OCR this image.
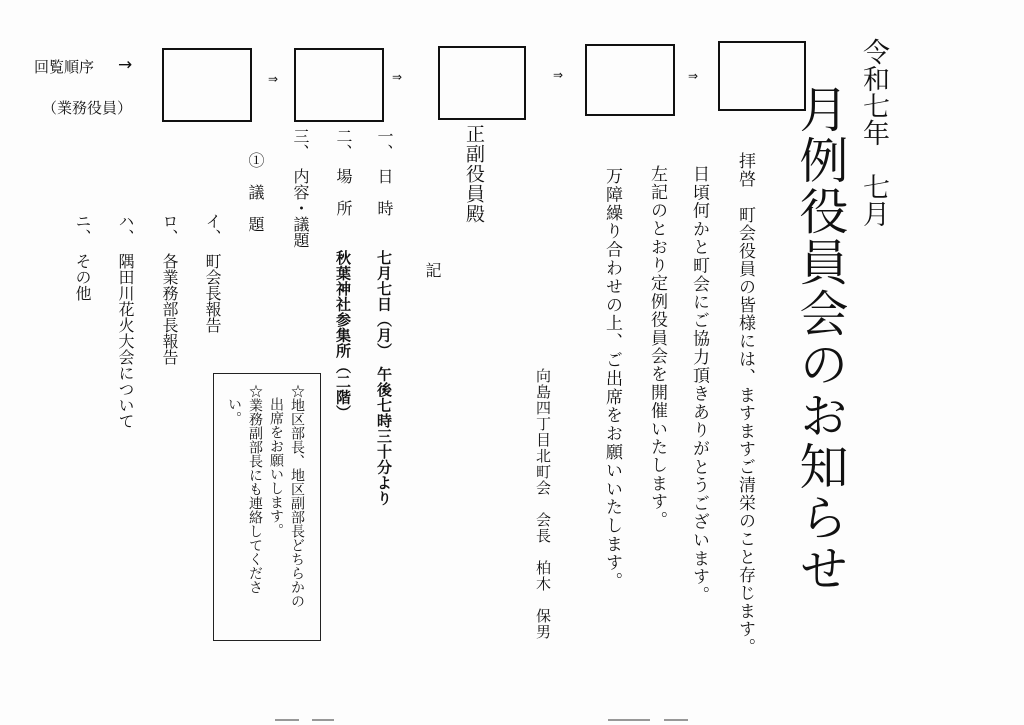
回覧順序 →
（業務役員）
⇒	⇒	⇒	⇒	令和七年　七月
月例役員会のお知らせ
拝啓　町会役員の皆様には、ますますご清栄のこと存じます。
日頃何かと町会にご協力頂きありがとうございます。
左記のとおり定例役員会を開催いたします。
万障繰り合わせの上、ご出席をお願いいたします。
向島四丁目北町会　会長　柏木　保男
正副役員殿
記
一、　日　時
七月七日（月）　午後七時三十分より
二、　場　所
秋葉神社参集所（二階）
三、　内容・議題
①　議　題
イ、　町会長報告
ロ、　各業務部長報告
ハ、　隅田川花火大会について
ニ、　その他
☆地区部長、地区副部長どちらかの
出席をお願いします。
☆業務副部長にも連絡してくださ
い。
